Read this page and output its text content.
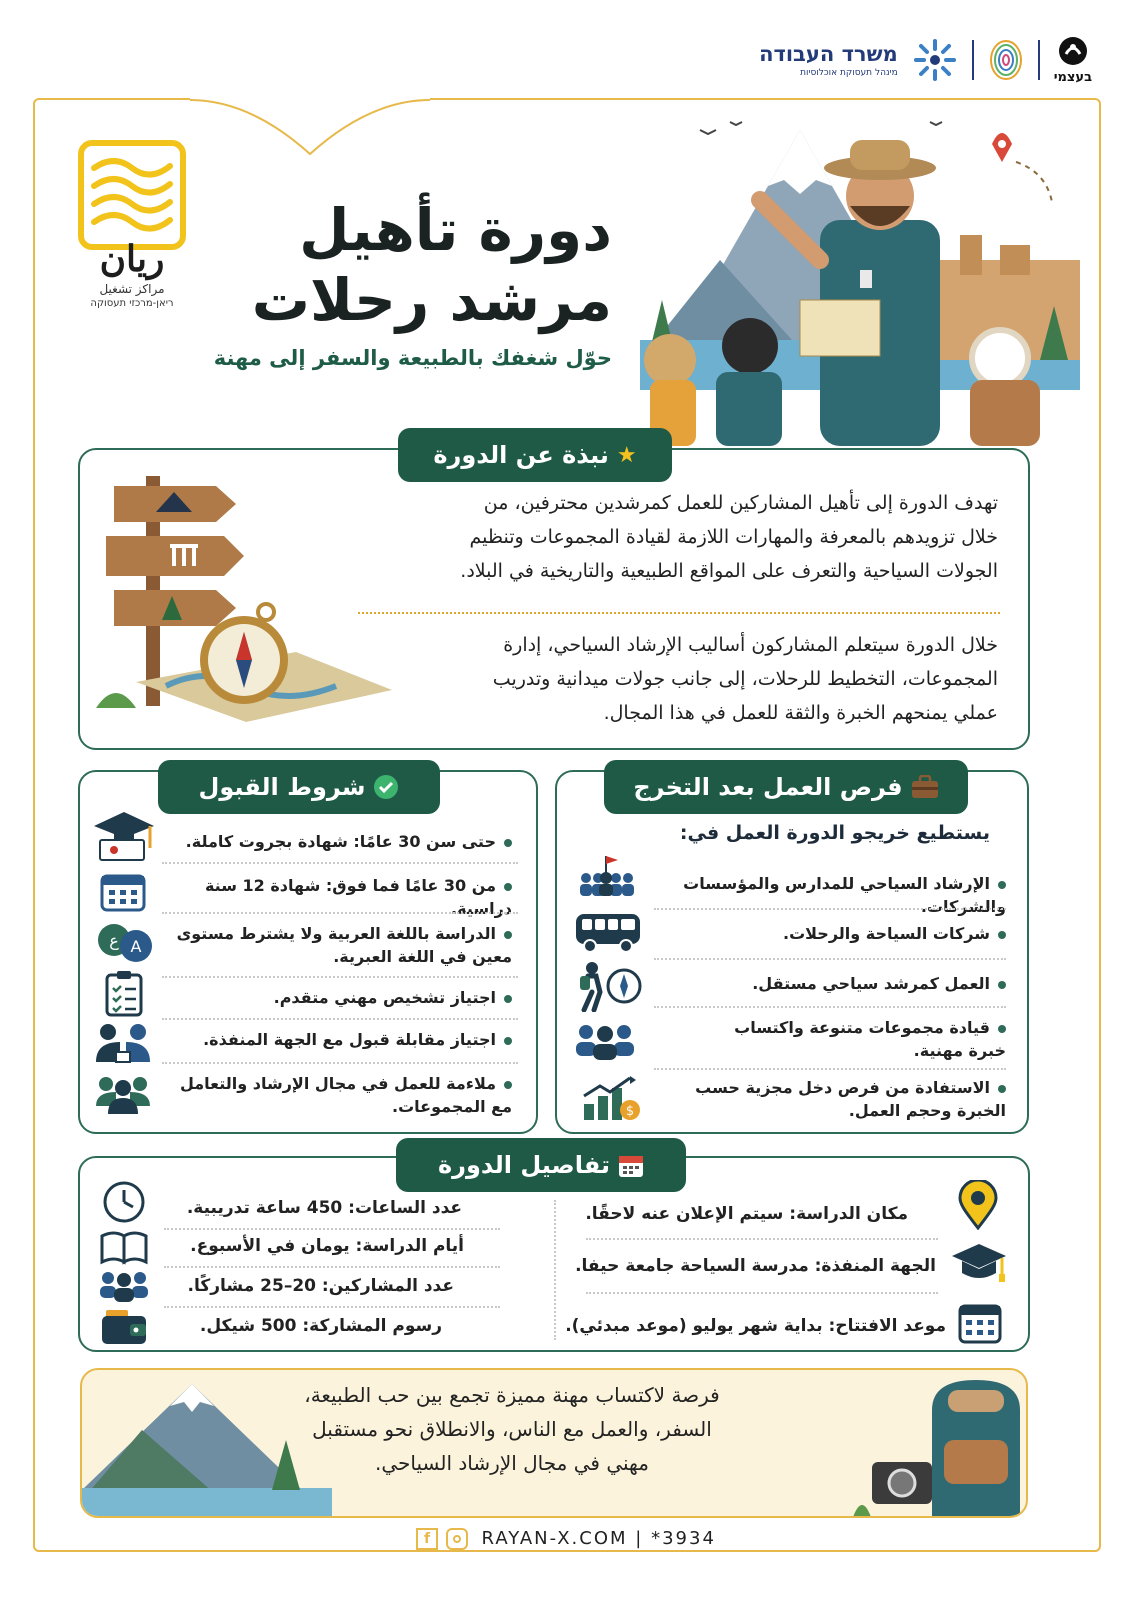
משרד העבודה
מינהל תעסוקת אוכלוסיות	בעצמי
ريان
مراكز تشغيل
ריאן-מרכזי תעסוקה
دورة تأهيل
مرشد رحلات
حوّل شغفك بالطبيعة والسفر إلى مهنة
★
نبذة عن الدورة
تهدف الدورة إلى تأهيل المشاركين للعمل كمرشدين محترفين، من
خلال تزويدهم بالمعرفة والمهارات اللازمة لقيادة المجموعات وتنظيم
الجولات السياحية والتعرف على المواقع الطبيعية والتاريخية في البلاد.
خلال الدورة سيتعلم المشاركون أساليب الإرشاد السياحي، إدارة
المجموعات، التخطيط للرحلات، إلى جانب جولات ميدانية وتدريب
عملي يمنحهم الخبرة والثقة للعمل في هذا المجال.
شروط القبول
حتى سن 30 عامًا: شهادة بجروت كاملة.
من 30 عامًا فما فوق: شهادة 12 سنة دراسية.
الدراسة باللغة العربية ولا يشترط مستوى
معين في اللغة العبرية.
اجتياز تشخيص مهني متقدم.
اجتياز مقابلة قبول مع الجهة المنفذة.
ملاءمة للعمل في مجال الإرشاد والتعامل
مع المجموعات.
ع A
فرص العمل بعد التخرج
يستطيع خريجو الدورة العمل في:
الإرشاد السياحي للمدارس والمؤسسات والشركات.
شركات السياحة والرحلات.
العمل كمرشد سياحي مستقل.
قيادة مجموعات متنوعة واكتساب
خبرة مهنية.
الاستفادة من فرص دخل مجزية حسب
الخبرة وحجم العمل.
$
تفاصيل الدورة
مكان الدراسة: سيتم الإعلان عنه لاحقًا.
الجهة المنفذة: مدرسة السياحة جامعة حيفا.
موعد الافتتاح: بداية شهر يوليو (موعد مبدئي).
عدد الساعات: 450 ساعة تدريبية.
أيام الدراسة: يومان في الأسبوع.
عدد المشاركين: 20–25 مشاركًا.
رسوم المشاركة: 500 شيكل.
فرصة لاكتساب مهنة مميزة تجمع بين حب الطبيعة،
السفر، والعمل مع الناس، والانطلاق نحو مستقبل
مهني في مجال الإرشاد السياحي.
f	RAYAN-X.COM | *3934
